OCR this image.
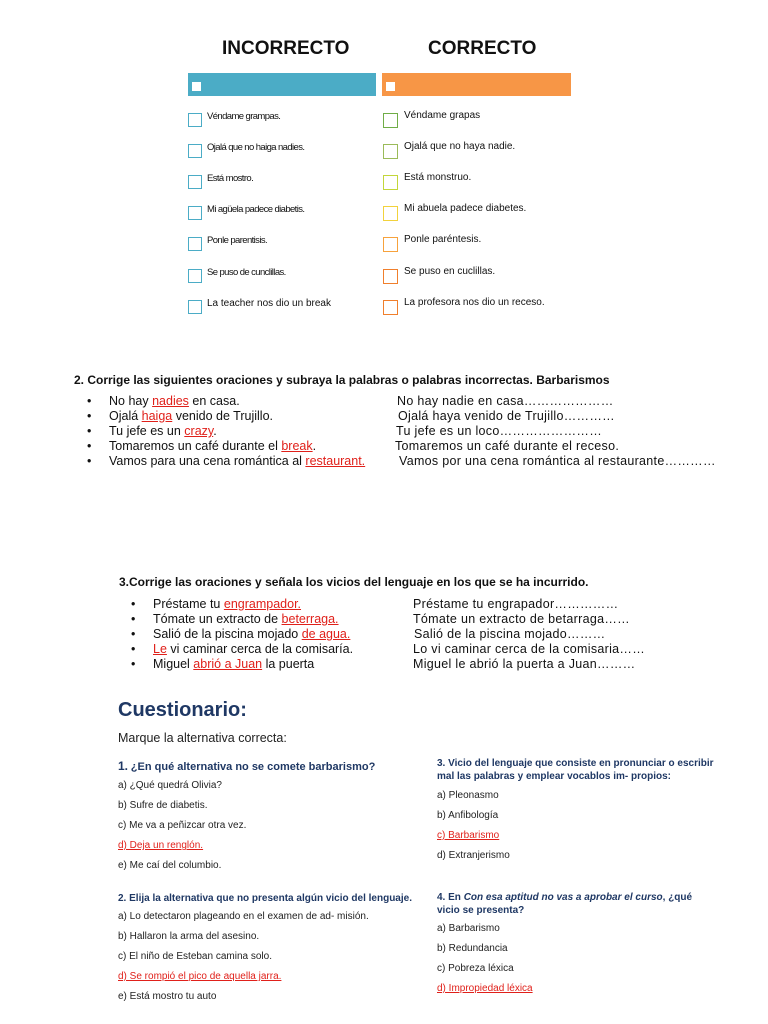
INCORRECTO	CORRECTO
Véndame grampas.	Véndame grapas
Ojalá que no haiga nadies.	Ojalá que no haya nadie.
Está mostro.	Está monstruo.
Mi agüela padece diabetis.	Mi abuela padece diabetes.
Ponle parentisis.	Ponle paréntesis.
Se puso de cunclillas.	Se puso en cuclillas.
La teacher nos dio un break	La profesora nos dio un receso.
2. Corrige las siguientes oraciones y subraya la palabras o palabras incorrectas. Barbarismos
• No hay nadies en casa.	No hay nadie en casa…………………
• Ojalá haiga venido de Trujillo.	Ojalá haya venido de Trujillo…………
• Tu jefe es un crazy.	Tu jefe es un loco……………………
• Tomaremos un café durante el break.	Tomaremos un café durante el receso.
• Vamos para una cena romántica al restaurant.	Vamos por una cena romántica al restaurante…………
3.Corrige las oraciones y señala los vicios del lenguaje en los que se ha incurrido.
• Préstame tu engrampador.	Préstame tu engrapador……………
• Tómate un extracto de beterraga.	Tómate un extracto de betarraga……
• Salió de la piscina mojado de agua.	Salió de la piscina mojado………
• Le vi caminar cerca de la comisaría.	Lo vi caminar cerca de la comisaria……
• Miguel abrió a Juan la puerta	Miguel le abrió la puerta a Juan………
Cuestionario:
Marque la alternativa correcta:
1. ¿En qué alternativa no se comete barbarismo?
a) ¿Qué quedrá Olivia?
b) Sufre de diabetis.
c) Me va a peñizcar otra vez.
d) Deja un renglón.
e) Me caí del columbio.
2. Elija la alternativa que no presenta algún vicio del lenguaje.
a) Lo detectaron plageando en el examen de ad- misión.
b) Hallaron la arma del asesino.
c) El niño de Esteban camina solo.
d) Se rompió el pico de aquella jarra.
e) Está mostro tu auto
3. Vicio del lenguaje que consiste en pronunciar o escribir
mal las palabras y emplear vocablos im- propios:
a) Pleonasmo
b) Anfibología
c) Barbarismo
d) Extranjerismo
4. En Con esa aptitud no vas a aprobar el curso, ¿qué
vicio se presenta?
a) Barbarismo
b) Redundancia
c) Pobreza léxica
d) Impropiedad léxica
